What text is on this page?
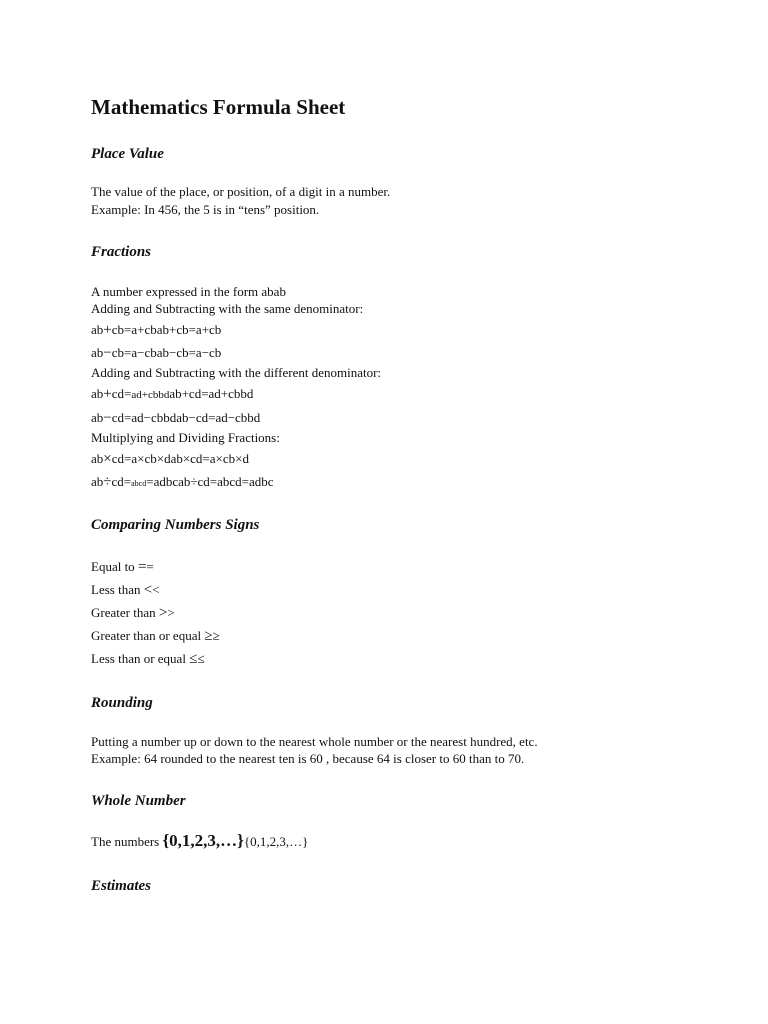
Mathematics Formula Sheet
Place Value
The value of the place, or position, of a digit in a number.
Example: In 456, the 5 is in “tens” position.
Fractions
A number expressed in the form abab
Adding and Subtracting with the same denominator:
ab+cb=a+cbab+cb=a+cb
ab−cb=a−cbab−cb=a−cb
Adding and Subtracting with the different denominator:
ab+cd=ad+cbbdab+cd=ad+cbbd
ab−cd=ad−cbbdab−cd=ad−cbbd
Multiplying and Dividing Fractions:
ab×cd=a×cb×dab×cd=a×cb×d
ab÷cd=abcd=adbcab÷cd=abcd=adbc
Comparing Numbers Signs
Equal to ==
Less than <<
Greater than >>
Greater than or equal ≥≥
Less than or equal ≤≤
Rounding
Putting a number up or down to the nearest whole number or the nearest hundred, etc.
Example: 64 rounded to the nearest ten is 60 , because 64 is closer to 60 than to 70.
Whole Number
The numbers {0,1,2,3,…}{0,1,2,3,…}
Estimates
